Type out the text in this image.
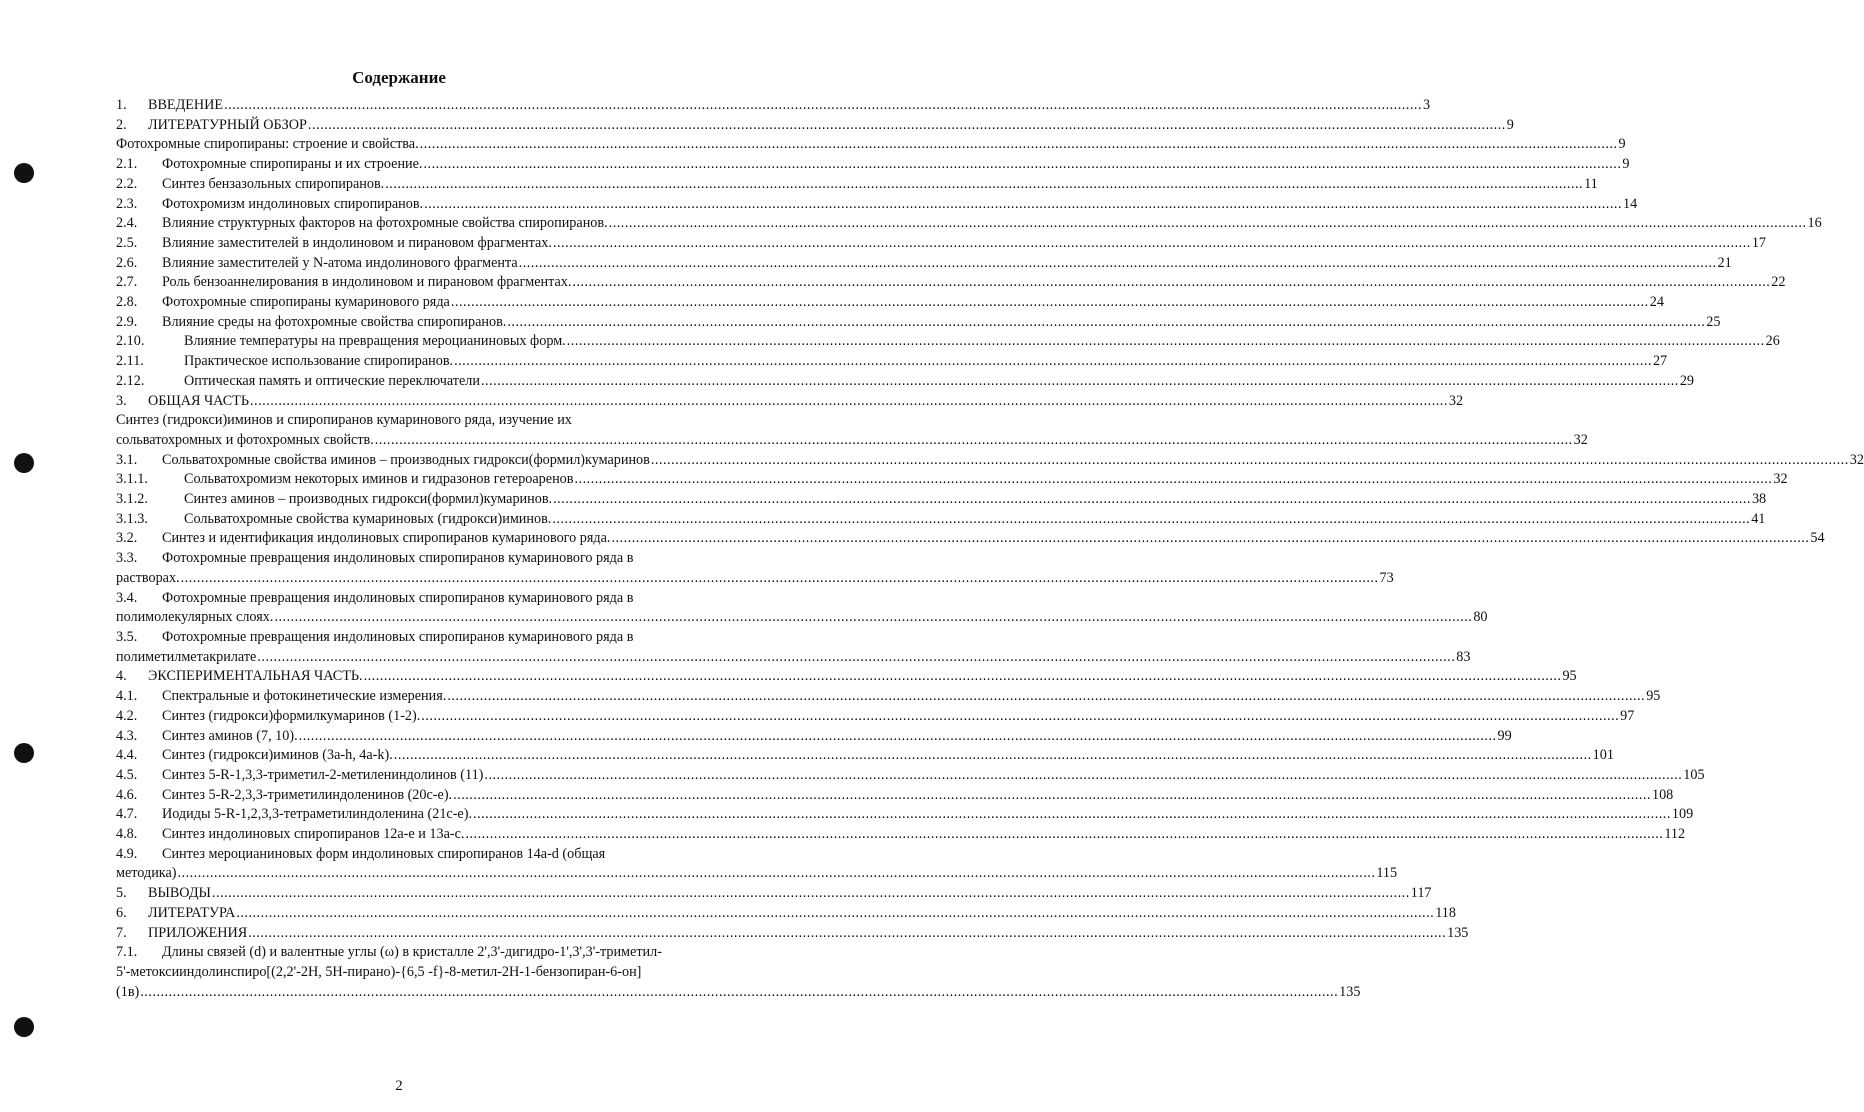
Содержание
1.	ВВЕДЕНИЕ .....	3
2.	ЛИТЕРАТУРНЫЙ ОБЗОР .....	9
Фотохромные спиропираны: строение и свойства. .....	9
2.1.	Фотохромные спиропираны и их строение. .....	9
2.2.	Синтез бензазольных спиропиранов. .....	11
2.3.	Фотохромизм индолиновых спиропиранов. .....	14
2.4.	Влияние структурных факторов на фотохромные свойства спиропиранов. .....	16
2.5.	Влияние заместителей в индолиновом и пирановом фрагментах. .....	17
2.6.	Влияние заместителей у N-атома индолинового фрагмента .....	21
2.7.	Роль бензоаннелирования в индолиновом и пирановом фрагментах. .....	22
2.8.	Фотохромные спиропираны кумаринового ряда .....	24
2.9.	Влияние среды на фотохромные свойства спиропиранов. .....	25
2.10.	Влияние температуры на превращения мероцианиновых форм. .....	26
2.11.	Практическое использование спиропиранов. .....	27
2.12.	Оптическая память и оптические переключатели .....	29
3.	ОБЩАЯ ЧАСТЬ .....	32
Синтез (гидрокси)иминов и спиропиранов кумаринового ряда, изучение их
сольватохромных и фотохромных свойств. .....	32
3.1.	Сольватохромные свойства иминов – производных гидрокси(формил)кумаринов .....	32
3.1.1.	Сольватохромизм некоторых иминов и гидразонов гетероаренов .....	32
3.1.2.	Синтез аминов – производных гидрокси(формил)кумаринов. .....	38
3.1.3.	Сольватохромные свойства кумариновых (гидрокси)иминов. .....	41
3.2.	Синтез и идентификация индолиновых спиропиранов кумаринового ряда. .....	54
3.3.	Фотохромные превращения индолиновых спиропиранов кумаринового ряда в
растворах. .....	73
3.4.	Фотохромные превращения индолиновых спиропиранов кумаринового ряда в
полимолекулярных слоях. .....	80
3.5.	Фотохромные превращения индолиновых спиропиранов кумаринового ряда в
полиметилметакрилате .....	83
4.	ЭКСПЕРИМЕНТАЛЬНАЯ ЧАСТЬ. .....	95
4.1.	Спектральные и фотокинетические измерения. .....	95
4.2.	Синтез (гидрокси)формилкумаринов (1-2). .....	97
4.3.	Синтез аминов (7, 10). .....	99
4.4.	Синтез (гидрокси)иминов (3a-h, 4a-k). .....	101
4.5.	Синтез 5-R-1,3,3-триметил-2-метилениндолинов (11) .....	105
4.6.	Синтез 5-R-2,3,3-триметилиндоленинов (20c-e). .....	108
4.7.	Иодиды 5-R-1,2,3,3-тетраметилиндоленина (21c-e). .....	109
4.8.	Синтез индолиновых спиропиранов 12a-e и 13a-c. .....	112
4.9.	Синтез мероцианиновых форм индолиновых спиропиранов 14a-d (общая
методика) .....	115
5.	ВЫВОДЫ .....	117
6.	ЛИТЕРАТУРА .....	118
7.	ПРИЛОЖЕНИЯ .....	135
7.1.	Длины связей (d) и валентные углы (ω) в кристалле 2',3'-дигидро-1',3',3'-триметил-
5'-метоксииндолинспиро[(2,2'-2H, 5H-пирано)-{6,5 -f}-8-метил-2H-1-бензопиран-6-он]
(1в) .....	135
2
